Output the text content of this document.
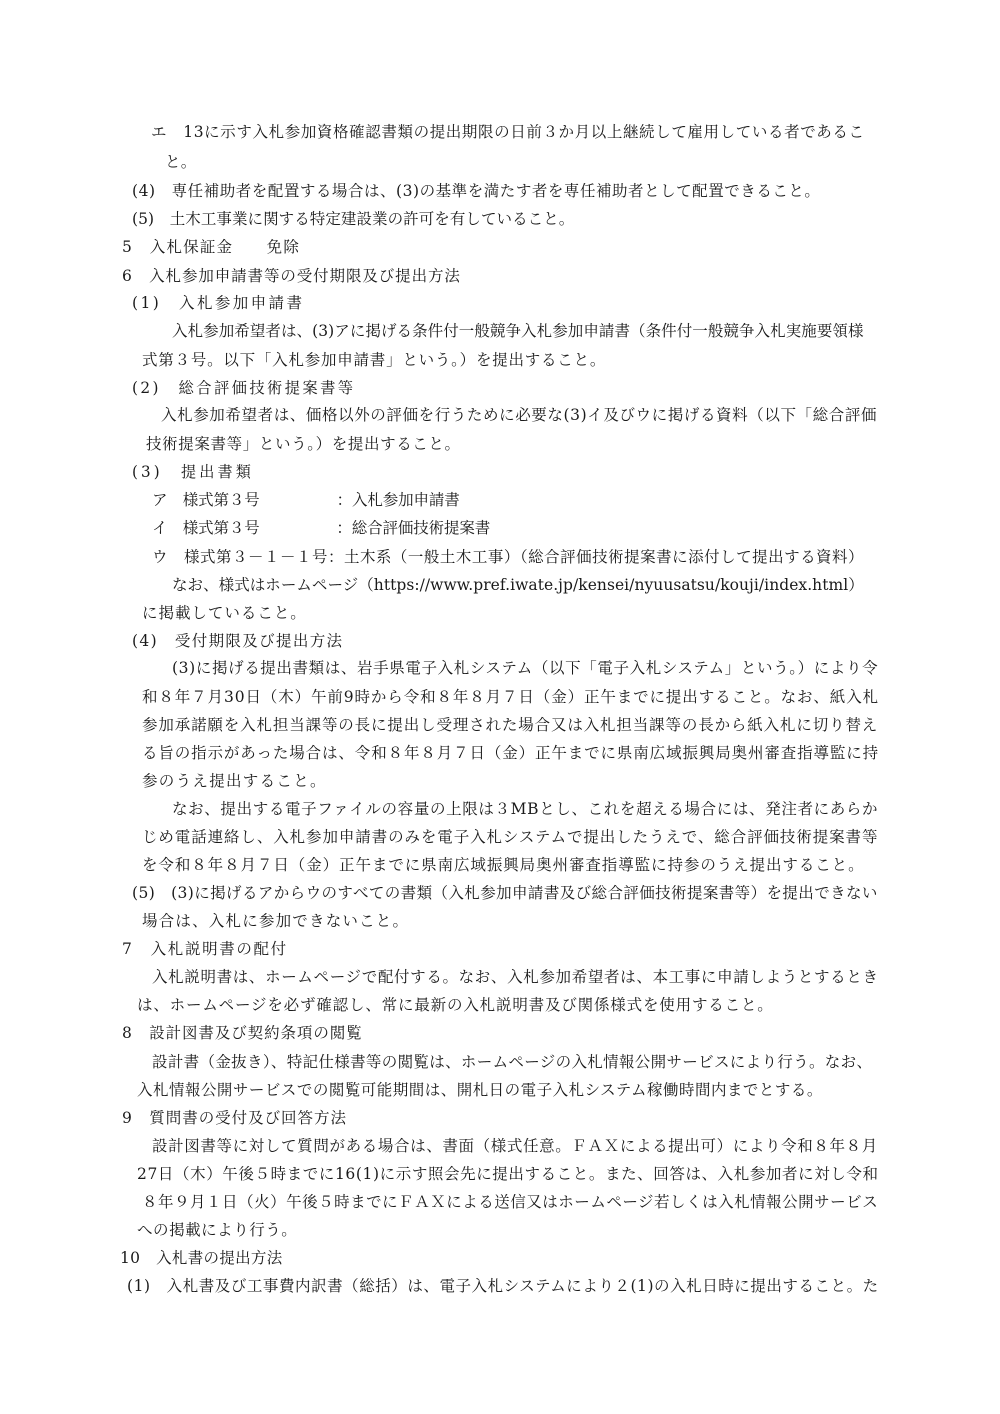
エ　13に示す入札参加資格確認書類の提出期限の日前３か月以上継続して雇用している者であるこ
と。
(4)　専任補助者を配置する場合は、(3)の基準を満たす者を専任補助者として配置できること。
(5)　土木工事業に関する特定建設業の許可を有していること。
5　入札保証金　　免除
6　入札参加申請書等の受付期限及び提出方法
(1)　入札参加申請書
入札参加希望者は、(3)アに掲げる条件付一般競争入札参加申請書（条件付一般競争入札実施要領様
式第３号。以下「入札参加申請書」という。）を提出すること。
(2)　総合評価技術提案書等
入札参加希望者は、価格以外の評価を行うために必要な(3)イ及びウに掲げる資料（以下「総合評価
技術提案書等」という。）を提出すること。
(3)　提出書類
ア　様式第３号　　　　　：入札参加申請書
イ　様式第３号　　　　　：総合評価技術提案書
ウ　様式第３－１－１号：土木系（一般土木工事）（総合評価技術提案書に添付して提出する資料）
なお、様式はホームページ（https://www.pref.iwate.jp/kensei/nyuusatsu/kouji/index.html）
に掲載していること。
(4)　受付期限及び提出方法
(3)に掲げる提出書類は、岩手県電子入札システム（以下「電子入札システム」という。）により令
和８年７月30日（木）午前9時から令和８年８月７日（金）正午までに提出すること。なお、紙入札
参加承諾願を入札担当課等の長に提出し受理された場合又は入札担当課等の長から紙入札に切り替え
る旨の指示があった場合は、令和８年８月７日（金）正午までに県南広域振興局奥州審査指導監に持
参のうえ提出すること。
なお、提出する電子ファイルの容量の上限は３MBとし、これを超える場合には、発注者にあらか
じめ電話連絡し、入札参加申請書のみを電子入札システムで提出したうえで、総合評価技術提案書等
を令和８年８月７日（金）正午までに県南広域振興局奥州審査指導監に持参のうえ提出すること。
(5)　(3)に掲げるアからウのすべての書類（入札参加申請書及び総合評価技術提案書等）を提出できない
場合は、入札に参加できないこと。
7　入札説明書の配付
入札説明書は、ホームページで配付する。なお、入札参加希望者は、本工事に申請しようとするとき
は、ホームページを必ず確認し、常に最新の入札説明書及び関係様式を使用すること。
8　設計図書及び契約条項の閲覧
設計書（金抜き）、特記仕様書等の閲覧は、ホームページの入札情報公開サービスにより行う。なお、
入札情報公開サービスでの閲覧可能期間は、開札日の電子入札システム稼働時間内までとする。
9　質問書の受付及び回答方法
設計図書等に対して質問がある場合は、書面（様式任意。ＦＡＸによる提出可）により令和８年８月
27日（木）午後５時までに16(1)に示す照会先に提出すること。また、回答は、入札参加者に対し令和
８年９月１日（火）午後５時までにＦＡＸによる送信又はホームページ若しくは入札情報公開サービス
への掲載により行う。
10　入札書の提出方法
(1)　入札書及び工事費内訳書（総括）は、電子入札システムにより２(1)の入札日時に提出すること。た
